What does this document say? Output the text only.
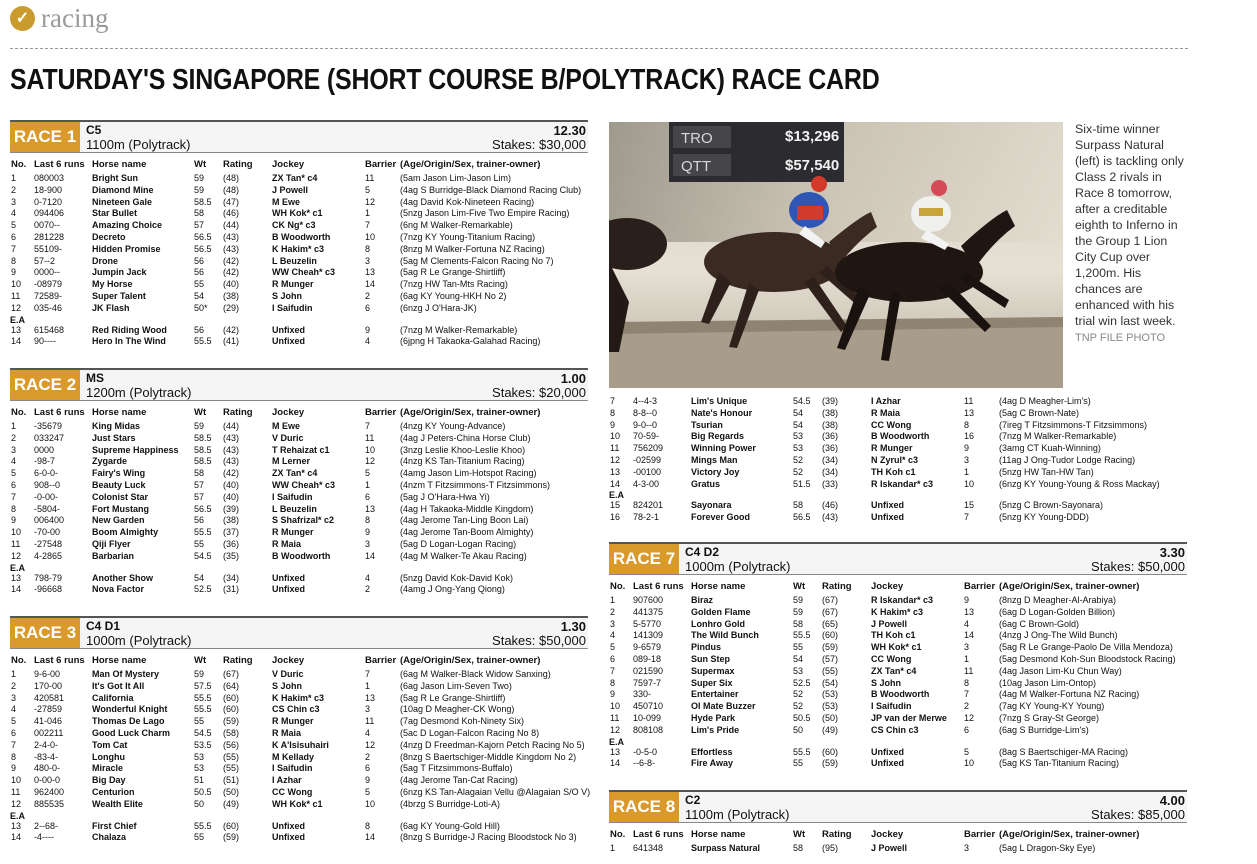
✓ racing
SATURDAY'S SINGAPORE (SHORT COURSE B/POLYTRACK) RACE CARD
RACE 1 C5
1100m (Polytrack)
12.30
Stakes: $30,000
No. Last 6 runs Horse name	Wt	Rating	Jockey	Barrier (Age/Origin/Sex, trainer-owner)
1	080003	Bright Sun	59	(48)	ZX Tan* c4	11	(5am Jason Lim-Jason Lim)
2	18-900	Diamond Mine	59	(48)	J Powell	5	(4ag S Burridge-Black Diamond Racing Club)
3	0-7120	Nineteen Gale	58.5	(47)	M Ewe	12	(4ag David Kok-Nineteen Racing)
4	094406	Star Bullet	58	(46)	WH Kok* c1	1	(5nzg Jason Lim-Five Two Empire Racing)
5	0070--	Amazing Choice	57	(44)	CK Ng* c3	7	(6ng M Walker-Remarkable)
6	281228	Decreto	56.5	(43)	B Woodworth	10	(7nzg KY Young-Titanium Racing)
7	55109-	Hidden Promise	56.5	(43)	K Hakim* c3	8	(8nzg M Walker-Fortuna NZ Racing)
8	57--2	Drone	56	(42)	L Beuzelin	3	(5ag M Clements-Falcon Racing No 7)
9	0000--	Jumpin Jack	56	(42)	WW Cheah* c3	13	(5ag R Le Grange-Shirtliff)
10	-08979	My Horse	55	(40)	R Munger	14	(7nzg HW Tan-Mts Racing)
11	72589-	Super Talent	54	(38)	S John	2	(6ag KY Young-HKH No 2)
12	035-46	JK Flash	50*	(29)	I Saifudin	6	(6nzg J O'Hara-JK)
E.A
13	615468	Red Riding Wood	56	(42)	Unfixed	9	(7nzg M Walker-Remarkable)
14	90----	Hero In The Wind	55.5	(41)	Unfixed	4	(6jpng H Takaoka-Galahad Racing)
RACE 2 MS
1200m (Polytrack)
1.00
Stakes: $20,000
No. Last 6 runs Horse name	Wt	Rating	Jockey	Barrier (Age/Origin/Sex, trainer-owner)
1	-35679	King Midas	59	(44)	M Ewe	7	(4nzg KY Young-Advance)
2	033247	Just Stars	58.5	(43)	V Duric	11	(4ag J Peters-China Horse Club)
3	0000	Supreme Happiness	58.5	(43)	T Rehaizat c1	10	(3nzg Leslie Khoo-Leslie Khoo)
4	-98-7	Zygarde	58.5	(43)	M Lerner	12	(4nzg KS Tan-Titanium Racing)
5	6-0-0-	Fairy's Wing	58	(42)	ZX Tan* c4	5	(4amg Jason Lim-Hotspot Racing)
6	908--0	Beauty Luck	57	(40)	WW Cheah* c3	1	(4nzm T Fitzsimmons-T Fitzsimmons)
7	-0-00-	Colonist Star	57	(40)	I Saifudin	6	(5ag J O'Hara-Hwa Yi)
8	-5804-	Fort Mustang	56.5	(39)	L Beuzelin	13	(4ag H Takaoka-Middle Kingdom)
9	006400	New Garden	56	(38)	S Shafrizal* c2	8	(4ag Jerome Tan-Ling Boon Lai)
10	-70-00	Boom Almighty	55.5	(37)	R Munger	9	(4ag Jerome Tan-Boom Almighty)
11	-27548	Qiji Flyer	55	(36)	R Maia	3	(5ag D Logan-Logan Racing)
12	4-2865	Barbarian	54.5	(35)	B Woodworth	14	(4ag M Walker-Te Akau Racing)
E.A
13	798-79	Another Show	54	(34)	Unfixed	4	(5nzg David Kok-David Kok)
14	-96668	Nova Factor	52.5	(31)	Unfixed	2	(4amg J Ong-Yang Qiong)
RACE 3 C4 D1
1000m (Polytrack)
1.30
Stakes: $50,000
No. Last 6 runs Horse name	Wt	Rating	Jockey	Barrier (Age/Origin/Sex, trainer-owner)
1	9-6-00	Man Of Mystery	59	(67)	V Duric	7	(6ag M Walker-Black Widow Sanxing)
2	170-00	It's Got It All	57.5	(64)	S John	1	(6ag Jason Lim-Seven Two)
3	420581	California	55.5	(60)	K Hakim* c3	13	(5ag R Le Grange-Shirtliff)
4	-27859	Wonderful Knight	55.5	(60)	CS Chin c3	3	(10ag D Meagher-CK Wong)
5	41-046	Thomas De Lago	55	(59)	R Munger	11	(7ag Desmond Koh-Ninety Six)
6	002211	Good Luck Charm	54.5	(58)	R Maia	4	(5ac D Logan-Falcon Racing No 8)
7	2-4-0-	Tom Cat	53.5	(56)	K A'Isisuhairi	12	(4nzg D Freedman-Kajorn Petch Racing No 5)
8	-83-4-	Longhu	53	(55)	M Kellady	2	(8nzg S Baertschiger-Middle Kingdom No 2)
9	480-0-	Miracle	53	(55)	I Saifudin	6	(5ag T Fitzsimmons-Buffalo)
10	0-00-0	Big Day	51	(51)	I Azhar	9	(4ag Jerome Tan-Cat Racing)
11	962400	Centurion	50.5	(50)	CC Wong	5	(6nzg KS Tan-Alagaian Vellu @Alagaian S/O V)
12	885535	Wealth Elite	50	(49)	WH Kok* c1	10	(4brzg S Burridge-Loti-A)
E.A
13	2--68-	First Chief	55.5	(60)	Unfixed	8	(6ag KY Young-Gold Hill)
14	-4----	Chalaza	55	(59)	Unfixed	14	(8nzg S Burridge-J Racing Bloodstock No 3)
7	4--4-3	Lim's Unique	54.5	(39)	I Azhar	11	(4ag D Meagher-Lim's)
8	8-8--0	Nate's Honour	54	(38)	R Maia	13	(5ag C Brown-Nate)
9	9-0--0	Tsurian	54	(38)	CC Wong	8	(7ireg T Fitzsimmons-T Fitzsimmons)
10	70-59-	Big Regards	53	(36)	B Woodworth	16	(7nzg M Walker-Remarkable)
11	756209	Winning Power	53	(36)	R Munger	9	(3amg CT Kuah-Winning)
12	-02599	Mings Man	52	(34)	N Zyrul* c3	3	(11ag J Ong-Tudor Lodge Racing)
13	-00100	Victory Joy	52	(34)	TH Koh c1	1	(5nzg HW Tan-HW Tan)
14	4-3-00	Gratus	51.5	(33)	R Iskandar* c3	10	(6nzg KY Young-Young & Ross Mackay)
E.A
15	824201	Sayonara	58	(46)	Unfixed	15	(5nzg C Brown-Sayonara)
16	78-2-1	Forever Good	56.5	(43)	Unfixed	7	(5nzg KY Young-DDD)
RACE 7 C4 D2
1000m (Polytrack)
3.30
Stakes: $50,000
No. Last 6 runs Horse name	Wt	Rating	Jockey	Barrier (Age/Origin/Sex, trainer-owner)
1	907600	Biraz	59	(67)	R Iskandar* c3	9	(8nzg D Meagher-Al-Arabiya)
2	441375	Golden Flame	59	(67)	K Hakim* c3	13	(6ag D Logan-Golden Billion)
3	5-5770	Lonhro Gold	58	(65)	J Powell	4	(6ag C Brown-Gold)
4	141309	The Wild Bunch	55.5	(60)	TH Koh c1	14	(4nzg J Ong-The Wild Bunch)
5	9-6579	Pindus	55	(59)	WH Kok* c1	3	(5ag R Le Grange-Paolo De Villa Mendoza)
6	089-18	Sun Step	54	(57)	CC Wong	1	(5ag Desmond Koh-Sun Bloodstock Racing)
7	021590	Supermax	53	(55)	ZX Tan* c4	11	(4ag Jason Lim-Ku Chun Way)
8	7597-7	Super Six	52.5	(54)	S John	8	(10ag Jason Lim-Ontop)
9	330-	Entertainer	52	(53)	B Woodworth	7	(4ag M Walker-Fortuna NZ Racing)
10	450710	Ol Mate Buzzer	52	(53)	I Saifudin	2	(7ag KY Young-KY Young)
11	10-099	Hyde Park	50.5	(50)	JP van der Merwe	12	(7nzg S Gray-St George)
12	808108	Lim's Pride	50	(49)	CS Chin c3	6	(6ag S Burridge-Lim's)
E.A
13	-0-5-0	Effortless	55.5	(60)	Unfixed	5	(8ag S Baertschiger-MA Racing)
14	--6-8-	Fire Away	55	(59)	Unfixed	10	(5ag KS Tan-Titanium Racing)
RACE 8 C2
1100m (Polytrack)
4.00
Stakes: $85,000
No. Last 6 runs Horse name	Wt	Rating	Jockey	Barrier (Age/Origin/Sex, trainer-owner)
1	641348	Surpass Natural	58	(95)	J Powell	3	(5ag L Dragon-Sky Eye)
TRO
QTT
$13,296
$57,540
Six-time winner Surpass Natural (left) is tackling only Class 2 rivals in Race 8 tomorrow, after a creditable eighth to Inferno in the Group 1 Lion City Cup over 1,200m. His chances are enhanced with his trial win last week. TNP FILE PHOTO
